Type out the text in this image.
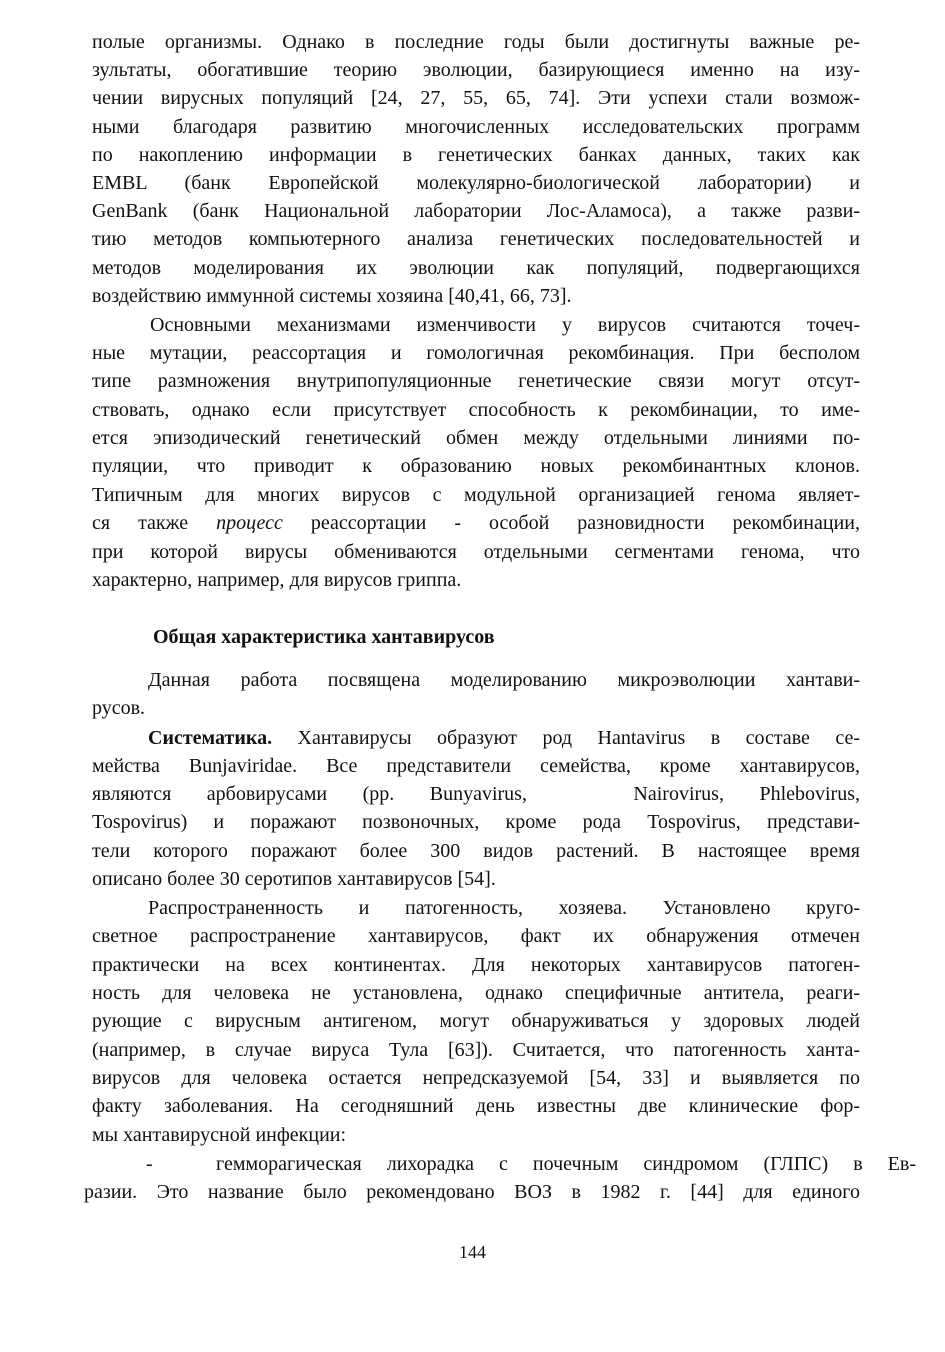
полые организмы. Однако в последние годы были достигнуты важные ре-
зультаты, обогатившие теорию эволюции, базирующиеся именно на изу-
чении вирусных популяций [24, 27, 55, 65, 74]. Эти успехи стали возмож-
ными благодаря развитию многочисленных исследовательских программ
по накоплению информации в генетических банках данных, таких как
EMBL (банк Европейской молекулярно-биологической лаборатории) и
GenBank (банк Национальной лаборатории Лос-Аламоса), а также разви-
тию методов компьютерного анализа генетических последовательностей и
методов моделирования их эволюции как популяций, подвергающихся
воздействию иммунной системы хозяина [40,41, 66, 73].
Основными механизмами изменчивости у вирусов считаются точеч-
ные мутации, реассортация и гомологичная рекомбинация. При бесполом
типе размножения внутрипопуляционные генетические связи могут отсут-
ствовать, однако если присутствует способность к рекомбинации, то име-
ется эпизодический генетический обмен между отдельными линиями по-
пуляции, что приводит к образованию новых рекомбинантных клонов.
Типичным для многих вирусов с модульной организацией генома являет-
ся также процесс реассортации - особой разновидности рекомбинации,
при которой вирусы обмениваются отдельными сегментами генома, что
характерно, например, для вирусов гриппа.
Общая характеристика хантавирусов
Данная работа посвящена моделированию микроэволюции хантави-
русов.
Систематика. Хантавирусы образуют род Hantavirus в составе се-
мейства Bunjaviridae. Все представители семейства, кроме хантавирусов,
являются  арбовирусами  (рр.  Bunyavirus,      Nairovirus,  Phlebovirus,
Tospovirus) и поражают позвоночных, кроме рода Tospovirus, представи-
тели которого поражают более 300 видов растений. В настоящее время
описано более 30 серотипов хантавирусов [54].
Распространенность и патогенность, хозяева. Установлено круго-
светное распространение хантавирусов, факт их обнаружения отмечен
практически на всех континентах. Для некоторых хантавирусов патоген-
ность для человека не установлена, однако специфичные антитела, реаги-
рующие с вирусным антигеном, могут обнаруживаться у здоровых людей
(например, в случае вируса Тула [63]). Считается, что патогенность ханта-
вирусов для человека остается непредсказуемой [54, 33] и выявляется по
факту заболевания. На сегодняшний день известны две клинические фор-
мы хантавирусной инфекции:
-	гемморагическая лихорадка с почечным синдромом (ГЛПС) в Ев-
разии. Это название было рекомендовано ВОЗ в 1982 г. [44] для единого
144
